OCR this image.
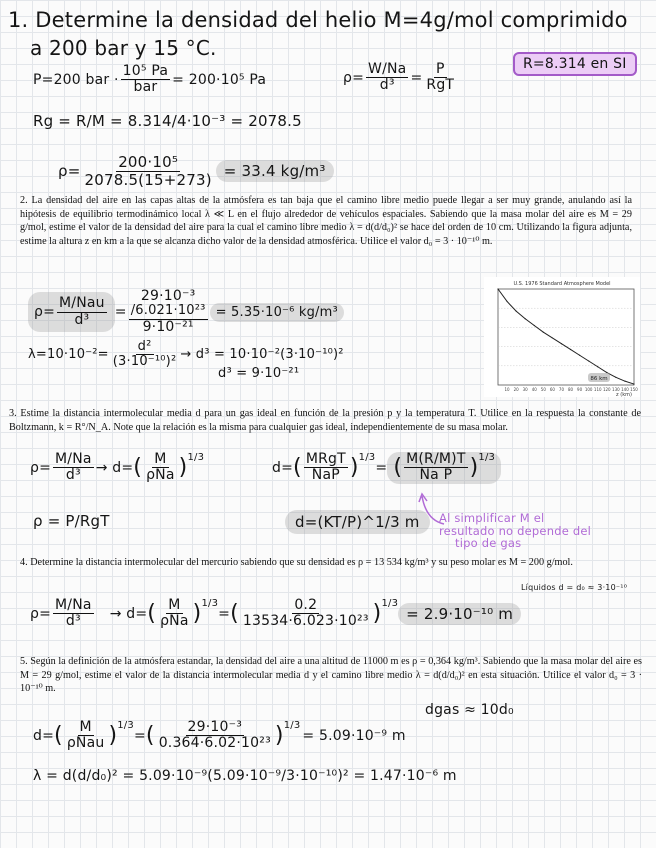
1. Determine la densidad del helio M=4g/mol comprimido
a 200 bar y 15 °C.
R=8.314 en SI
P=200 bar · $\frac{\text{10⁵ Pa}}{\text{bar}} = 200\cdot 10^5$ Pa	$\rho= \frac{W/Na}{\text{d³}} = \frac{P}{\text{RgT}}$
Rg = R/M = 8.314/4·10⁻³ = 2078.5
$\rho= \frac{\text{200·10⁵}}{2078.5(15+273)} = 33.4$ kg/m³

2. La densidad del aire en las capas altas de la atmósfera es tan baja que el camino libre medio puede llegar a ser muy grande, anulando así la hipótesis de equilibrio termodinámico local λ ≪ L en el flujo alrededor de vehículos espaciales. Sabiendo que la masa molar del aire es M = 29 g/mol, estime el valor de la densidad del aire para la cual el camino libre medio λ = d(d/d₀)² se hace del orden de 10 cm. Utilizando la figura adjunta, estime la altura z en km a la que se alcanza dicho valor de la densidad atmosférica. Utilice el valor d₀ = 3 · 10⁻¹⁰ m.

$\rho= \frac{\text{M/Nau}}{\text{d³}}$ =
29·10⁻³
/6.021·10²³
9·10⁻²¹
= 5.35·10⁻⁶ kg/m³
$\lambda=10\cdot 10^{-2}= \frac{\text{d²}}{\text{(3·10⁻¹⁰)²}} \to d^3 = 10\cdot 10^{-2}(3\cdot 10^{-10})^2$
d³ = 9·10⁻²¹
U.S. 1976 Standard Atmosphere Model
10 20 30 40 50 60 70 80 90 100 110 120 130 140 150
z (km)
86 km

3. Estime la distancia intermolecular media d para un gas ideal en función de la presión p y la temperatura T. Utilice en la respuesta la constante de Boltzmann, k = R°/N_A. Note que la relación es la misma para cualquier gas ideal, independientemente de su masa molar.

$\rho= \frac{M/Na}{\text{d³}} \to d=$ ( $\frac{M}{\text{ρNa}} )^{1/3}$
d= ( $\frac{\text{MRgT}}{\text{NaP}} )^{1/3}$
= ( $\frac{M(R/M)T}{\text{Na P}} )^{1/3}$
ρ = P/RgT	d=(KT/P)^1/3 m	Al simplificar M el
resultado no depende del
tipo de gas

4. Determine la distancia intermolecular del mercurio sabiendo que su densidad es ρ = 13 534 kg/m³ y su peso molar es M = 200 g/mol.

Líquidos d = d₀ ≈ 3·10⁻¹⁰
$\rho= \frac{M/Na}{\text{d³}} \to d=$ ( $\frac{M}{\text{ρNa}} )^{1/3}$
= ( $\frac{0.2}{\text{13534·6.023·10²³}} )^{1/3}$
= 2.9·10⁻¹⁰ m

5. Según la definición de la atmósfera estandar, la densidad del aire a una altitud de 11000 m es ρ = 0,364 kg/m³. Sabiendo que la masa molar del aire es M = 29 g/mol, estime el valor de la distancia intermolecular media d y el camino libre medio λ = d(d/d₀)² en esta situación. Utilice el valor d₀ = 3 · 10⁻¹⁰ m.

dgas ≈ 10d₀
d= ( $\frac{M}{\text{ρNau}} )^{1/3}$
= ( $\frac{\text{29·10⁻³}}{\text{0.364·6.02·10²³}} )^{1/3}$
= 5.09·10⁻⁹ m
λ = d(d/d₀)² = 5.09·10⁻⁹(5.09·10⁻⁹/3·10⁻¹⁰)² = 1.47·10⁻⁶ m
